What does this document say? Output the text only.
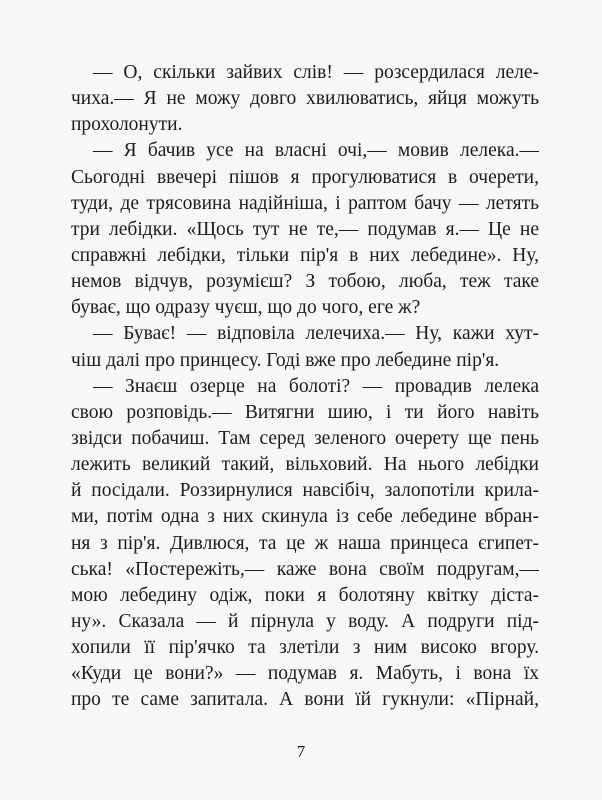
— О, скільки зайвих слів! — розсердилася леле-
чиха.— Я не можу довго хвилюватись, яйця можуть
прохолонути.
— Я бачив усе на власні очі,— мовив лелека.—
Сьогодні ввечері пішов я прогулюватися в очерети,
туди, де трясовина надійніша, і раптом бачу — летять
три лебідки. «Щось тут не те,— подумав я.— Це не
справжні лебідки, тільки пір'я в них лебедине». Ну,
немов відчув, розумієш? З тобою, люба, теж таке
буває, що одразу чуєш, що до чого, еге ж?
— Буває! — відповіла лелечиха.— Ну, кажи хут-
чіш далі про принцесу. Годі вже про лебедине пір'я.
— Знаєш озерце на болоті? — провадив лелека
свою розповідь.— Витягни шию, і ти його навіть
звідси побачиш. Там серед зеленого очерету ще пень
лежить великий такий, вільховий. На нього лебідки
й посідали. Роззирнулися навсібіч, залопотіли крила-
ми, потім одна з них скинула із себе лебедине вбран-
ня з пір'я. Дивлюся, та це ж наша принцеса єгипет-
ська! «Постережіть,— каже вона своїм подругам,—
мою лебедину одіж, поки я болотяну квітку діста-
ну». Сказала — й пірнула у воду. А подруги під-
хопили її пір'ячко та злетіли з ним високо вгору.
«Куди це вони?» — подумав я. Мабуть, і вона їх
про те саме запитала. А вони їй гукнули: «Пірнай,
7
